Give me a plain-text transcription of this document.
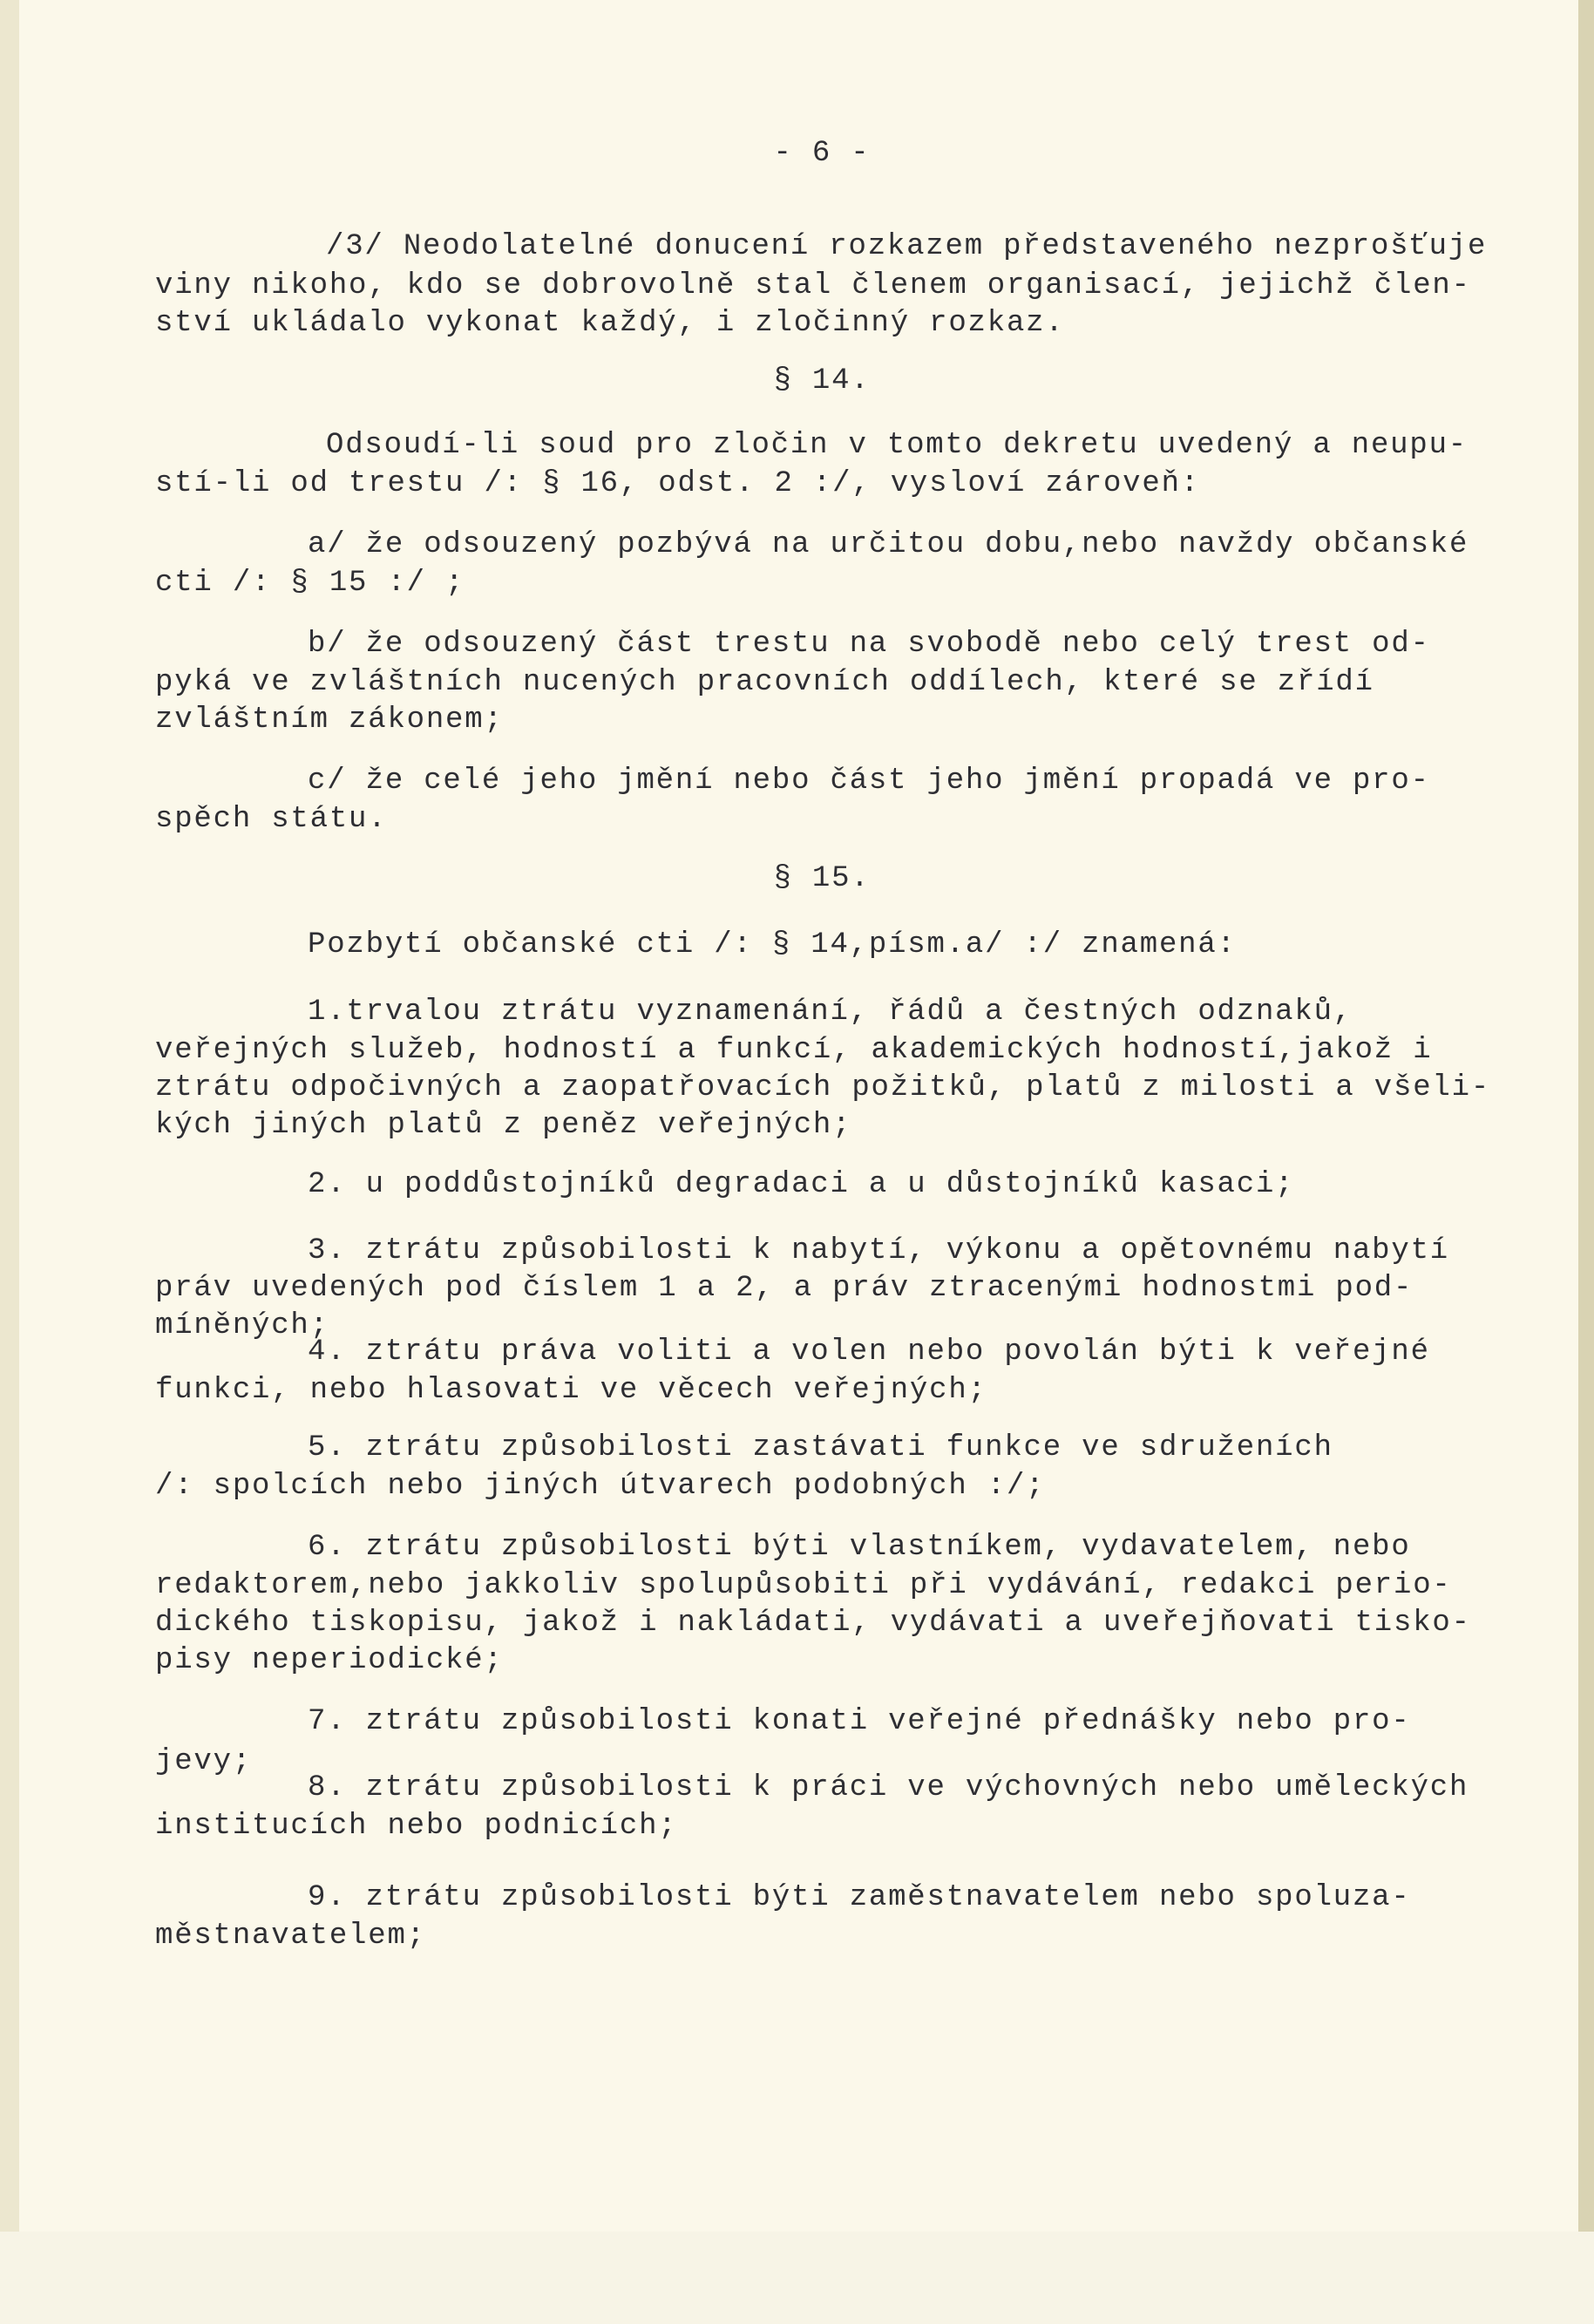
- 6 -

/3/ Neodolatelné donucení rozkazem představeného nezprošťuje

viny nikoho, kdo se dobrovolně stal členem organisací, jejichž člen-

ství ukládalo vykonat každý, i zločinný rozkaz.

§ 14.

Odsoudí-li soud pro zločin v tomto dekretu uvedený a neupu-

stí-li od trestu /: § 16, odst. 2 :/, vysloví zároveň:

a/ že odsouzený pozbývá na určitou dobu,nebo navždy občanské

cti /: § 15 :/ ;

b/ že odsouzený část trestu na svobodě nebo celý trest od-

pyká ve zvláštních nucených pracovních oddílech, které se zřídí

zvláštním zákonem;

c/ že celé jeho jmění nebo část jeho jmění propadá ve pro-

spěch státu.

§ 15.

Pozbytí občanské cti /: § 14,písm.a/ :/ znamená:

1.trvalou ztrátu vyznamenání, řádů a čestných odznaků,

veřejných služeb, hodností a funkcí, akademických hodností,jakož i

ztrátu odpočivných a zaopatřovacích požitků, platů z milosti a všeli-

kých jiných platů z peněz veřejných;

2. u poddůstojníků degradaci a u důstojníků kasaci;

3. ztrátu způsobilosti k nabytí, výkonu a opětovnému nabytí

práv uvedených pod číslem 1 a 2, a práv ztracenými hodnostmi pod-

míněných;

4. ztrátu práva voliti a volen nebo povolán býti k veřejné

funkci, nebo hlasovati ve věcech veřejných;

5. ztrátu způsobilosti zastávati funkce ve sdruženích

/: spolcích nebo jiných útvarech podobných :/;

6. ztrátu způsobilosti býti vlastníkem, vydavatelem, nebo

redaktorem,nebo jakkoliv spolupůsobiti při vydávání, redakci perio-

dického tiskopisu, jakož i nakládati, vydávati a uveřejňovati tisko-

pisy neperiodické;

7. ztrátu způsobilosti konati veřejné přednášky nebo pro-

jevy;

8. ztrátu způsobilosti k práci ve výchovných nebo uměleckých

institucích nebo podnicích;

9. ztrátu způsobilosti býti zaměstnavatelem nebo spoluza-

městnavatelem;
